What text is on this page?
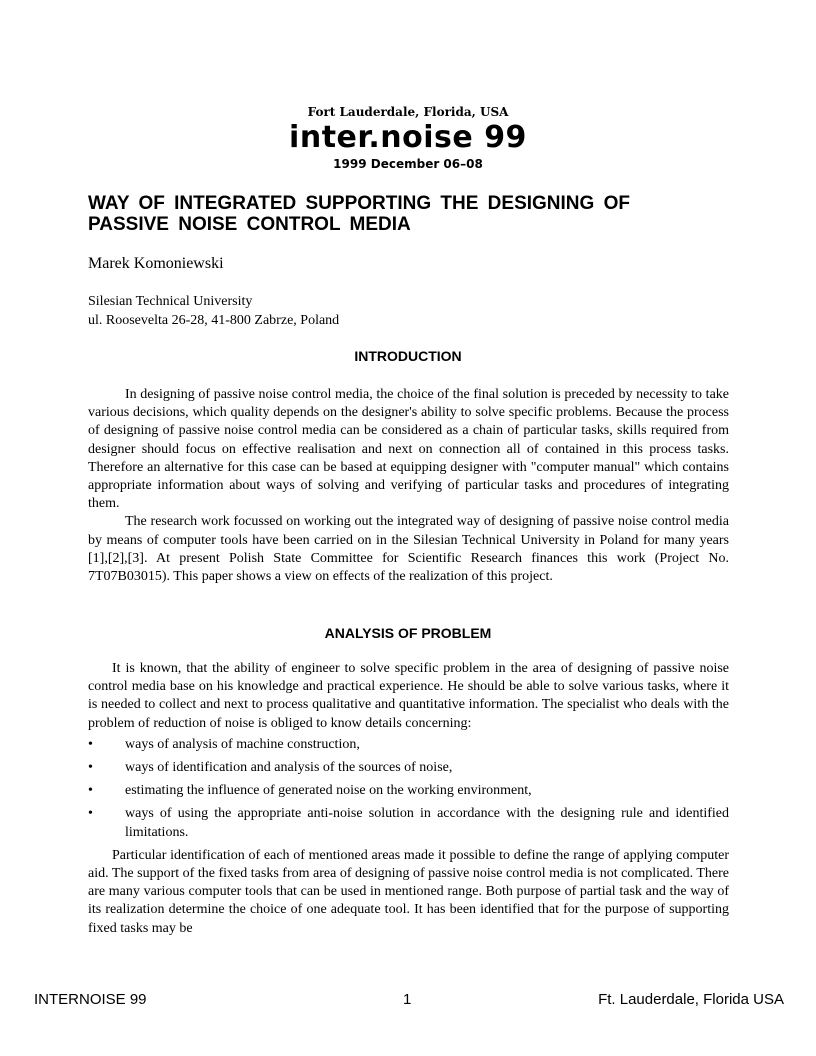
Fort Lauderdale, Florida, USA
inter.noise 99
1999 December 06–08
WAY OF INTEGRATED SUPPORTING THE DESIGNING OF PASSIVE NOISE CONTROL MEDIA
Marek Komoniewski
Silesian Technical University
ul. Roosevelta 26-28, 41-800 Zabrze, Poland
INTRODUCTION

In designing of passive noise control media, the choice of the final solution is preceded by necessity to take various decisions, which quality depends on the designer's ability to solve specific problems. Because the process of designing of passive noise control media can be considered as a chain of particular tasks, skills required from designer should focus on effective realisation and next on connection all of contained in this process tasks. Therefore an alternative for this case can be based at equipping designer with "computer manual" which contains appropriate information about ways of solving and verifying of particular tasks and procedures of integrating them.

The research work focussed on working out the integrated way of designing of passive noise control media by means of computer tools have been carried on in the Silesian Technical University in Poland for many years [1],[2],[3]. At present Polish State Committee for Scientific Research finances this work (Project No. 7T07B03015). This paper shows a view on effects of the realization of this project.

ANALYSIS OF PROBLEM

It is known, that the ability of engineer to solve specific problem in the area of designing of passive noise control media base on his knowledge and practical experience. He should be able to solve various tasks, where it is needed to collect and next to process qualitative and quantitative information. The specialist who deals with the problem of reduction of noise is obliged to know details concerning:

•	ways of analysis of machine construction,
•	ways of identification and analysis of the sources of noise,
•	estimating the influence of generated noise on the working environment,
•	ways of using the appropriate anti-noise solution in accordance with the designing rule and identified limitations.

Particular identification of each of mentioned areas made it possible to define the range of applying computer aid. The support of the fixed tasks from area of designing of passive noise control media is not complicated. There are many various computer tools that can be used in mentioned range. Both purpose of partial task and the way of its realization determine the choice of one adequate tool. It has been identified that for the purpose of supporting fixed tasks may be

INTERNOISE 99	1	Ft. Lauderdale, Florida USA
